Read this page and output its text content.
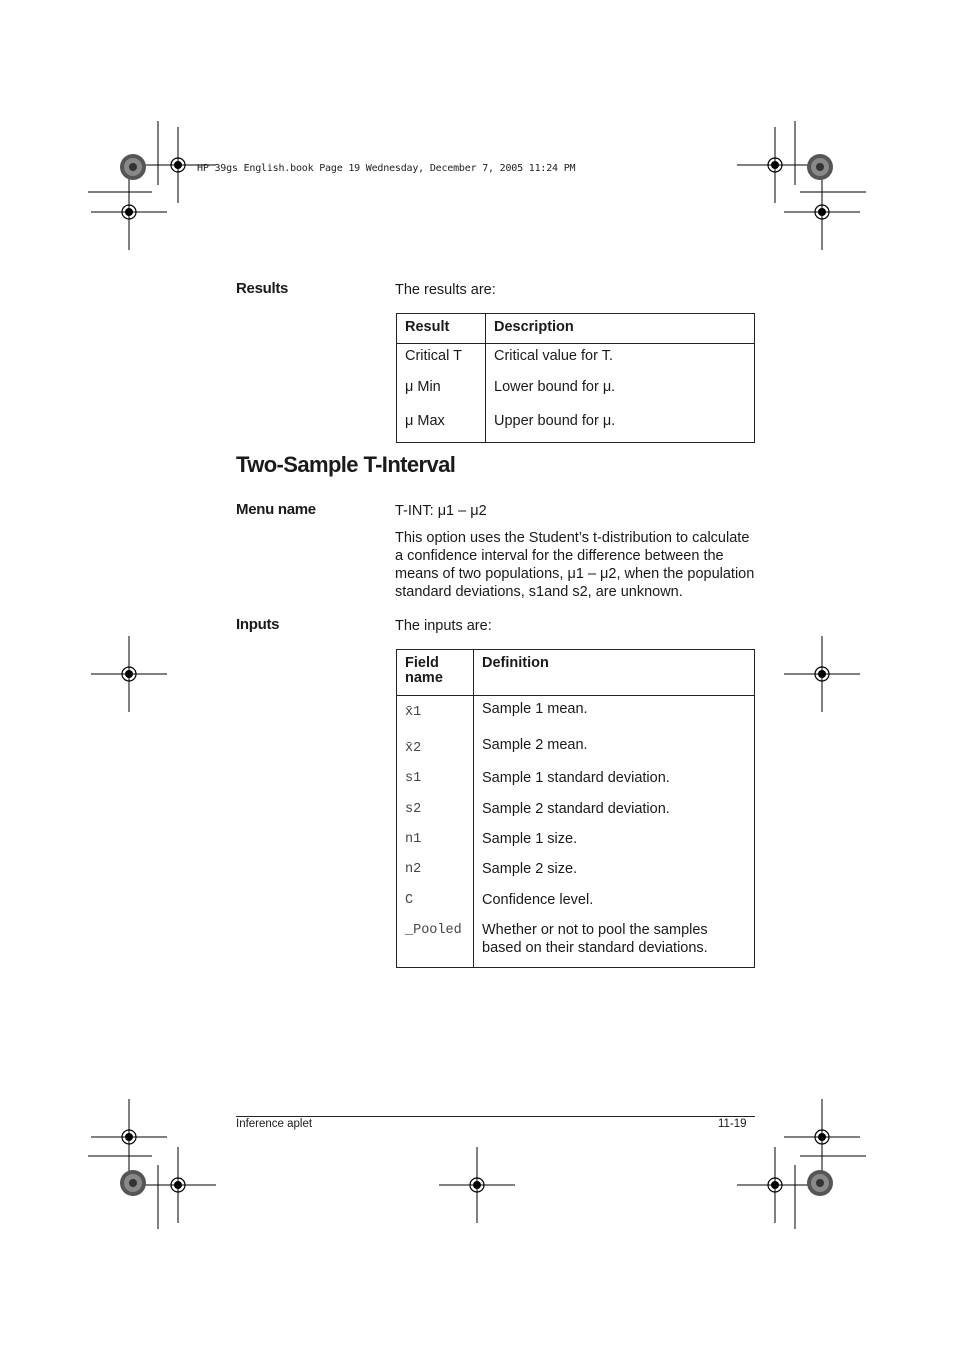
HP 39gs English.book Page 19 Wednesday, December 7, 2005 11:24 PM
Results	The results are:
Result	Description
Critical T	Critical value for T.
μ Min	Lower bound for μ.
μ Max	Upper bound for μ.
Two-Sample T-Interval
Menu name	T-INT: μ1 – μ2
This option uses the Student’s t-distribution to calculate a confidence interval for the difference between the means of two populations, μ1 – μ2, when the population standard deviations, s1and s2, are unknown.
Inputs	The inputs are:
Field name	Definition
x̄1	Sample 1 mean.
x̄2	Sample 2 mean.
s1	Sample 1 standard deviation.
s2	Sample 2 standard deviation.
n1	Sample 1 size.
n2	Sample 2 size.
C	Confidence level.
_Pooled	Whether or not to pool the samples based on their standard deviations.
Inference aplet	11-19
